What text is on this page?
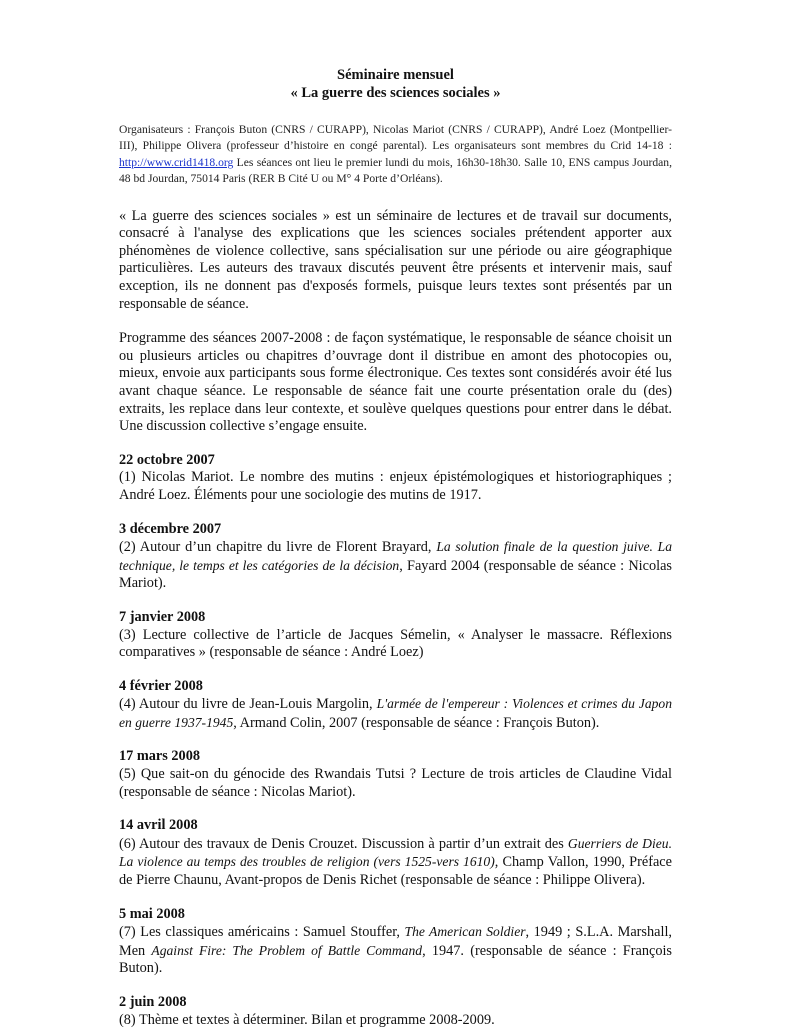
Séminaire mensuel

« La guerre des sciences sociales »

Organisateurs : François Buton (CNRS / CURAPP), Nicolas Mariot (CNRS / CURAPP), André Loez (Montpellier-III), Philippe Olivera (professeur d’histoire en congé parental). Les organisateurs sont membres du Crid 14-18 : http://www.crid1418.org Les séances ont lieu le premier lundi du mois, 16h30-18h30. Salle 10, ENS campus Jourdan, 48 bd Jourdan, 75014 Paris (RER B Cité U ou M° 4 Porte d’Orléans).

« La guerre des sciences sociales » est un séminaire de lectures et de travail sur documents, consacré à l'analyse des explications que les sciences sociales prétendent apporter aux phénomènes de violence collective, sans spécialisation sur une période ou aire géographique particulières. Les auteurs des travaux discutés peuvent être présents et intervenir mais, sauf exception, ils ne donnent pas d'exposés formels, puisque leurs textes sont présentés par un responsable de séance.

Programme des séances 2007-2008 : de façon systématique, le responsable de séance choisit un ou plusieurs articles ou chapitres d’ouvrage dont il distribue en amont des photocopies ou, mieux, envoie aux participants sous forme électronique. Ces textes sont considérés avoir été lus avant chaque séance. Le responsable de séance fait une courte présentation orale du (des) extraits, les replace dans leur contexte, et soulève quelques questions pour entrer dans le débat. Une discussion collective s’engage ensuite.

22 octobre 2007

(1) Nicolas Mariot. Le nombre des mutins : enjeux épistémologiques et historiographiques ; André Loez. Éléments pour une sociologie des mutins de 1917.

3 décembre 2007

(2) Autour d’un chapitre du livre de Florent Brayard, La solution finale de la question juive. La technique, le temps et les catégories de la décision, Fayard 2004 (responsable de séance : Nicolas Mariot).

7 janvier 2008

(3) Lecture collective de l’article de Jacques Sémelin, « Analyser le massacre. Réflexions comparatives » (responsable de séance : André Loez)

4 février 2008

(4) Autour du livre de Jean-Louis Margolin, L'armée de l'empereur : Violences et crimes du Japon en guerre 1937-1945, Armand Colin, 2007 (responsable de séance : François Buton).

17 mars 2008

(5) Que sait-on du génocide des Rwandais Tutsi ? Lecture de trois articles de Claudine Vidal (responsable de séance : Nicolas Mariot).

14 avril 2008

(6) Autour des travaux de Denis Crouzet. Discussion à partir d’un extrait des Guerriers de Dieu. La violence au temps des troubles de religion (vers 1525-vers 1610), Champ Vallon, 1990, Préface de Pierre Chaunu, Avant-propos de Denis Richet (responsable de séance : Philippe Olivera).

5 mai 2008

(7) Les classiques américains : Samuel Stouffer, The American Soldier, 1949 ; S.L.A. Marshall, Men Against Fire: The Problem of Battle Command, 1947. (responsable de séance : François Buton).

2 juin 2008

(8) Thème et textes à déterminer. Bilan et programme 2008-2009.
